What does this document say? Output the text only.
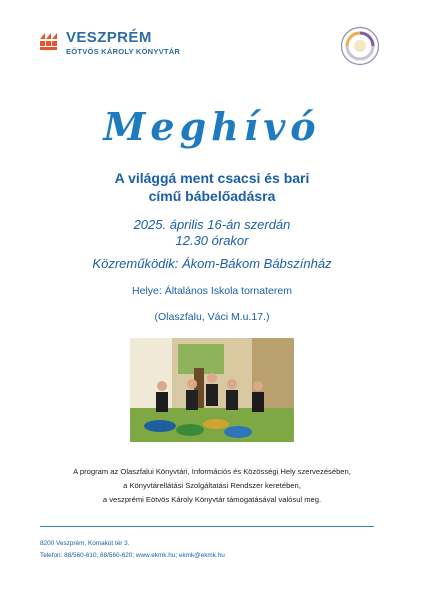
VESZPRÉM
EÖTVÖS KÁROLY KÖNYVTÁR
Meghívó
A világgá ment csacsi és bari
című bábelőadásra
2025. április 16-án szerdán
12.30 órakor
Közreműködik: Ákom-Bákom Bábszínház
Helye: Általános Iskola tornaterem
(Olaszfalu, Váci M.u.17.)
A program az Olaszfalui Könyvtári, Információs és Közösségi Hely szervezésében,
a Könyvtárellátási Szolgáltatási Rendszer keretében,
a veszprémi Eötvös Károly Könyvtár támogatásával valósul meg.
8200 Veszprém, Komakút tér 3.
Telefon: 88/560-610, 88/560-620; www.ekmk.hu; ekmk@ekmk.hu
